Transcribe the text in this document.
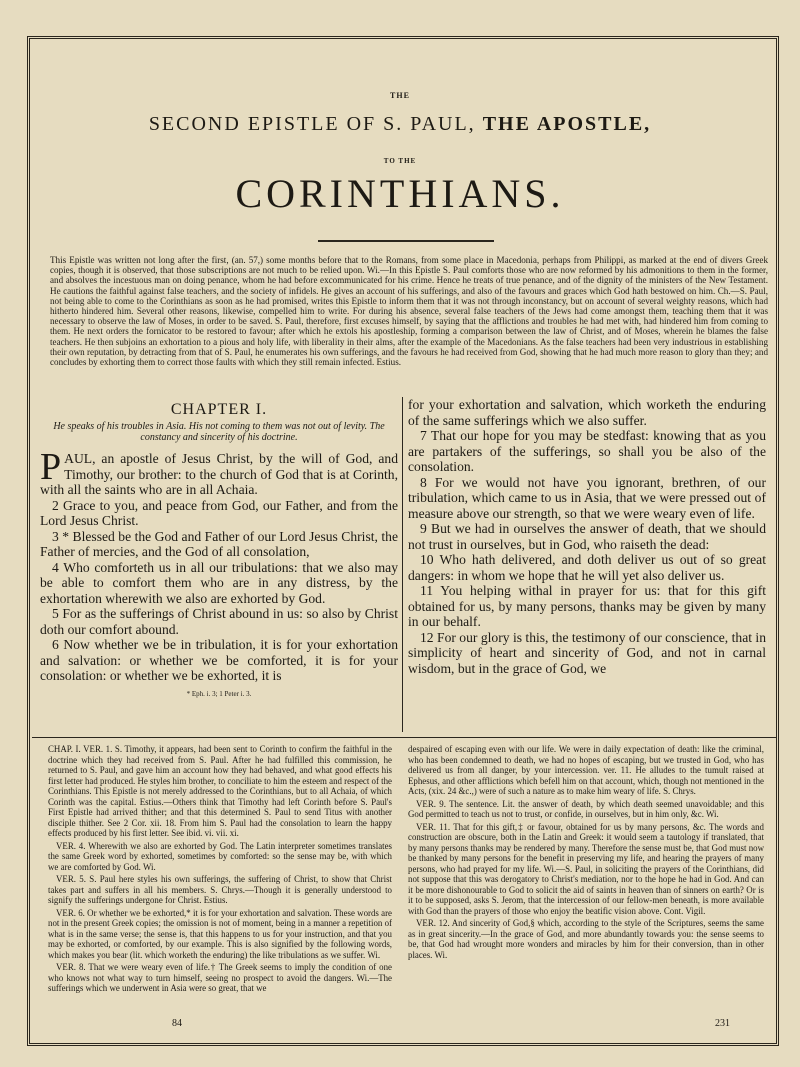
THE
SECOND EPISTLE OF S. PAUL, THE APOSTLE,
TO THE
CORINTHIANS.
This Epistle was written not long after the first, (an. 57,) some months before that to the Romans, from some place in Macedonia, perhaps from Philippi, as marked at the end of divers Greek copies, though it is observed, that those subscriptions are not much to be relied upon. Wi.—In this Epistle S. Paul comforts those who are now reformed by his admonitions to them in the former, and absolves the incestuous man on doing penance, whom he had before excommunicated for his crime. Hence he treats of true penance, and of the dignity of the ministers of the New Testament. He cautions the faithful against false teachers, and the society of infidels. He gives an account of his sufferings, and also of the favours and graces which God hath bestowed on him. Ch.—S. Paul, not being able to come to the Corinthians as soon as he had promised, writes this Epistle to inform them that it was not through inconstancy, but on account of several weighty reasons, which had hitherto hindered him. Several other reasons, likewise, compelled him to write. For during his absence, several false teachers of the Jews had come amongst them, teaching them that it was necessary to observe the law of Moses, in order to be saved. S. Paul, therefore, first excuses himself, by saying that the afflictions and troubles he had met with, had hindered him from coming to them. He next orders the fornicator to be restored to favour; after which he extols his apostleship, forming a comparison between the law of Christ, and of Moses, wherein he blames the false teachers. He then subjoins an exhortation to a pious and holy life, with liberality in their alms, after the example of the Macedonians. As the false teachers had been very industrious in establishing their own reputation, by detracting from that of S. Paul, he enumerates his own sufferings, and the favours he had received from God, showing that he had much more reason to glory than they; and concludes by exhorting them to correct those faults with which they still remain infected. Estius.
CHAPTER I.
He speaks of his troubles in Asia. His not coming to them was not out of levity. The constancy and sincerity of his doctrine.

PAUL, an apostle of Jesus Christ, by the will of God, and Timothy, our brother: to the church of God that is at Corinth, with all the saints who are in all Achaia.

2 Grace to you, and peace from God, our Father, and from the Lord Jesus Christ.

3 * Blessed be the God and Father of our Lord Jesus Christ, the Father of mercies, and the God of all consolation,

4 Who comforteth us in all our tribulations: that we also may be able to comfort them who are in any distress, by the exhortation wherewith we also are exhorted by God.

5 For as the sufferings of Christ abound in us: so also by Christ doth our comfort abound.

6 Now whether we be in tribulation, it is for your exhortation and salvation: or whether we be comforted, it is for your consolation: or whether we be exhorted, it is

* Eph. i. 3; 1 Peter i. 3.

for your exhortation and salvation, which worketh the enduring of the same sufferings which we also suffer.

7 That our hope for you may be stedfast: knowing that as you are partakers of the sufferings, so shall you be also of the consolation.

8 For we would not have you ignorant, brethren, of our tribulation, which came to us in Asia, that we were pressed out of measure above our strength, so that we were weary even of life.

9 But we had in ourselves the answer of death, that we should not trust in ourselves, but in God, who raiseth the dead:

10 Who hath delivered, and doth deliver us out of so great dangers: in whom we hope that he will yet also deliver us.

11 You helping withal in prayer for us: that for this gift obtained for us, by many persons, thanks may be given by many in our behalf.

12 For our glory is this, the testimony of our conscience, that in simplicity of heart and sincerity of God, and not in carnal wisdom, but in the grace of God, we

CHAP. I. VER. 1. S. Timothy, it appears, had been sent to Corinth to confirm the faithful in the doctrine which they had received from S. Paul. After he had fulfilled this commission, he returned to S. Paul, and gave him an account how they had behaved, and what good effects his first letter had produced. He styles him brother, to conciliate to him the esteem and respect of the Corinthians. This Epistle is not merely addressed to the Corinthians, but to all Achaia, of which Corinth was the capital. Estius.—Others think that Timothy had left Corinth before S. Paul's First Epistle had arrived thither; and that this determined S. Paul to send Titus with another disciple thither. See 2 Cor. xii. 18. From him S. Paul had the consolation to learn the happy effects produced by his first letter. See ibid. vi. vii. xi.

VER. 4. Wherewith we also are exhorted by God. The Latin interpreter sometimes translates the same Greek word by exhorted, sometimes by comforted: so the sense may be, with which we are comforted by God. Wi.

VER. 5. S. Paul here styles his own sufferings, the suffering of Christ, to show that Christ takes part and suffers in all his members. S. Chrys.—Though it is generally understood to signify the sufferings undergone for Christ. Estius.

VER. 6. Or whether we be exhorted,* it is for your exhortation and salvation. These words are not in the present Greek copies; the omission is not of moment, being in a manner a repetition of what is in the same verse; the sense is, that this happens to us for your instruction, and that you may be exhorted, or comforted, by our example. This is also signified by the following words, which makes you bear (lit. which worketh the enduring) the like tribulations as we suffer. Wi.

VER. 8. That we were weary even of life.† The Greek seems to imply the condition of one who knows not what way to turn himself, seeing no prospect to avoid the dangers. Wi.—The sufferings which we underwent in Asia were so great, that we

despaired of escaping even with our life. We were in daily expectation of death: like the criminal, who has been condemned to death, we had no hopes of escaping, but we trusted in God, who has delivered us from all danger, by your intercession. ver. 11. He alludes to the tumult raised at Ephesus, and other afflictions which befell him on that account, which, though not mentioned in the Acts, (xix. 24 &c.,) were of such a nature as to make him weary of life. S. Chrys.

VER. 9. The sentence. Lit. the answer of death, by which death seemed unavoidable; and this God permitted to teach us not to trust, or confide, in ourselves, but in him only, &c. Wi.

VER. 11. That for this gift,‡ or favour, obtained for us by many persons, &c. The words and construction are obscure, both in the Latin and Greek: it would seem a tautology if translated, that by many persons thanks may be rendered by many. Therefore the sense must be, that God must now be thanked by many persons for the benefit in preserving my life, and hearing the prayers of many persons, who had prayed for my life. Wi.—S. Paul, in soliciting the prayers of the Corinthians, did not suppose that this was derogatory to Christ's mediation, nor to the hope he had in God. And can it be more dishonourable to God to solicit the aid of saints in heaven than of sinners on earth? Or is it to be supposed, asks S. Jerom, that the intercession of our fellow-men beneath, is more available with God than the prayers of those who enjoy the beatific vision above. Cont. Vigil.

VER. 12. And sincerity of God,§ which, according to the style of the Scriptures, seems the same as in great sincerity.—In the grace of God, and more abundantly towards you: the sense seems to be, that God had wrought more wonders and miracles by him for their conversion, than in other places. Wi.

84	231
